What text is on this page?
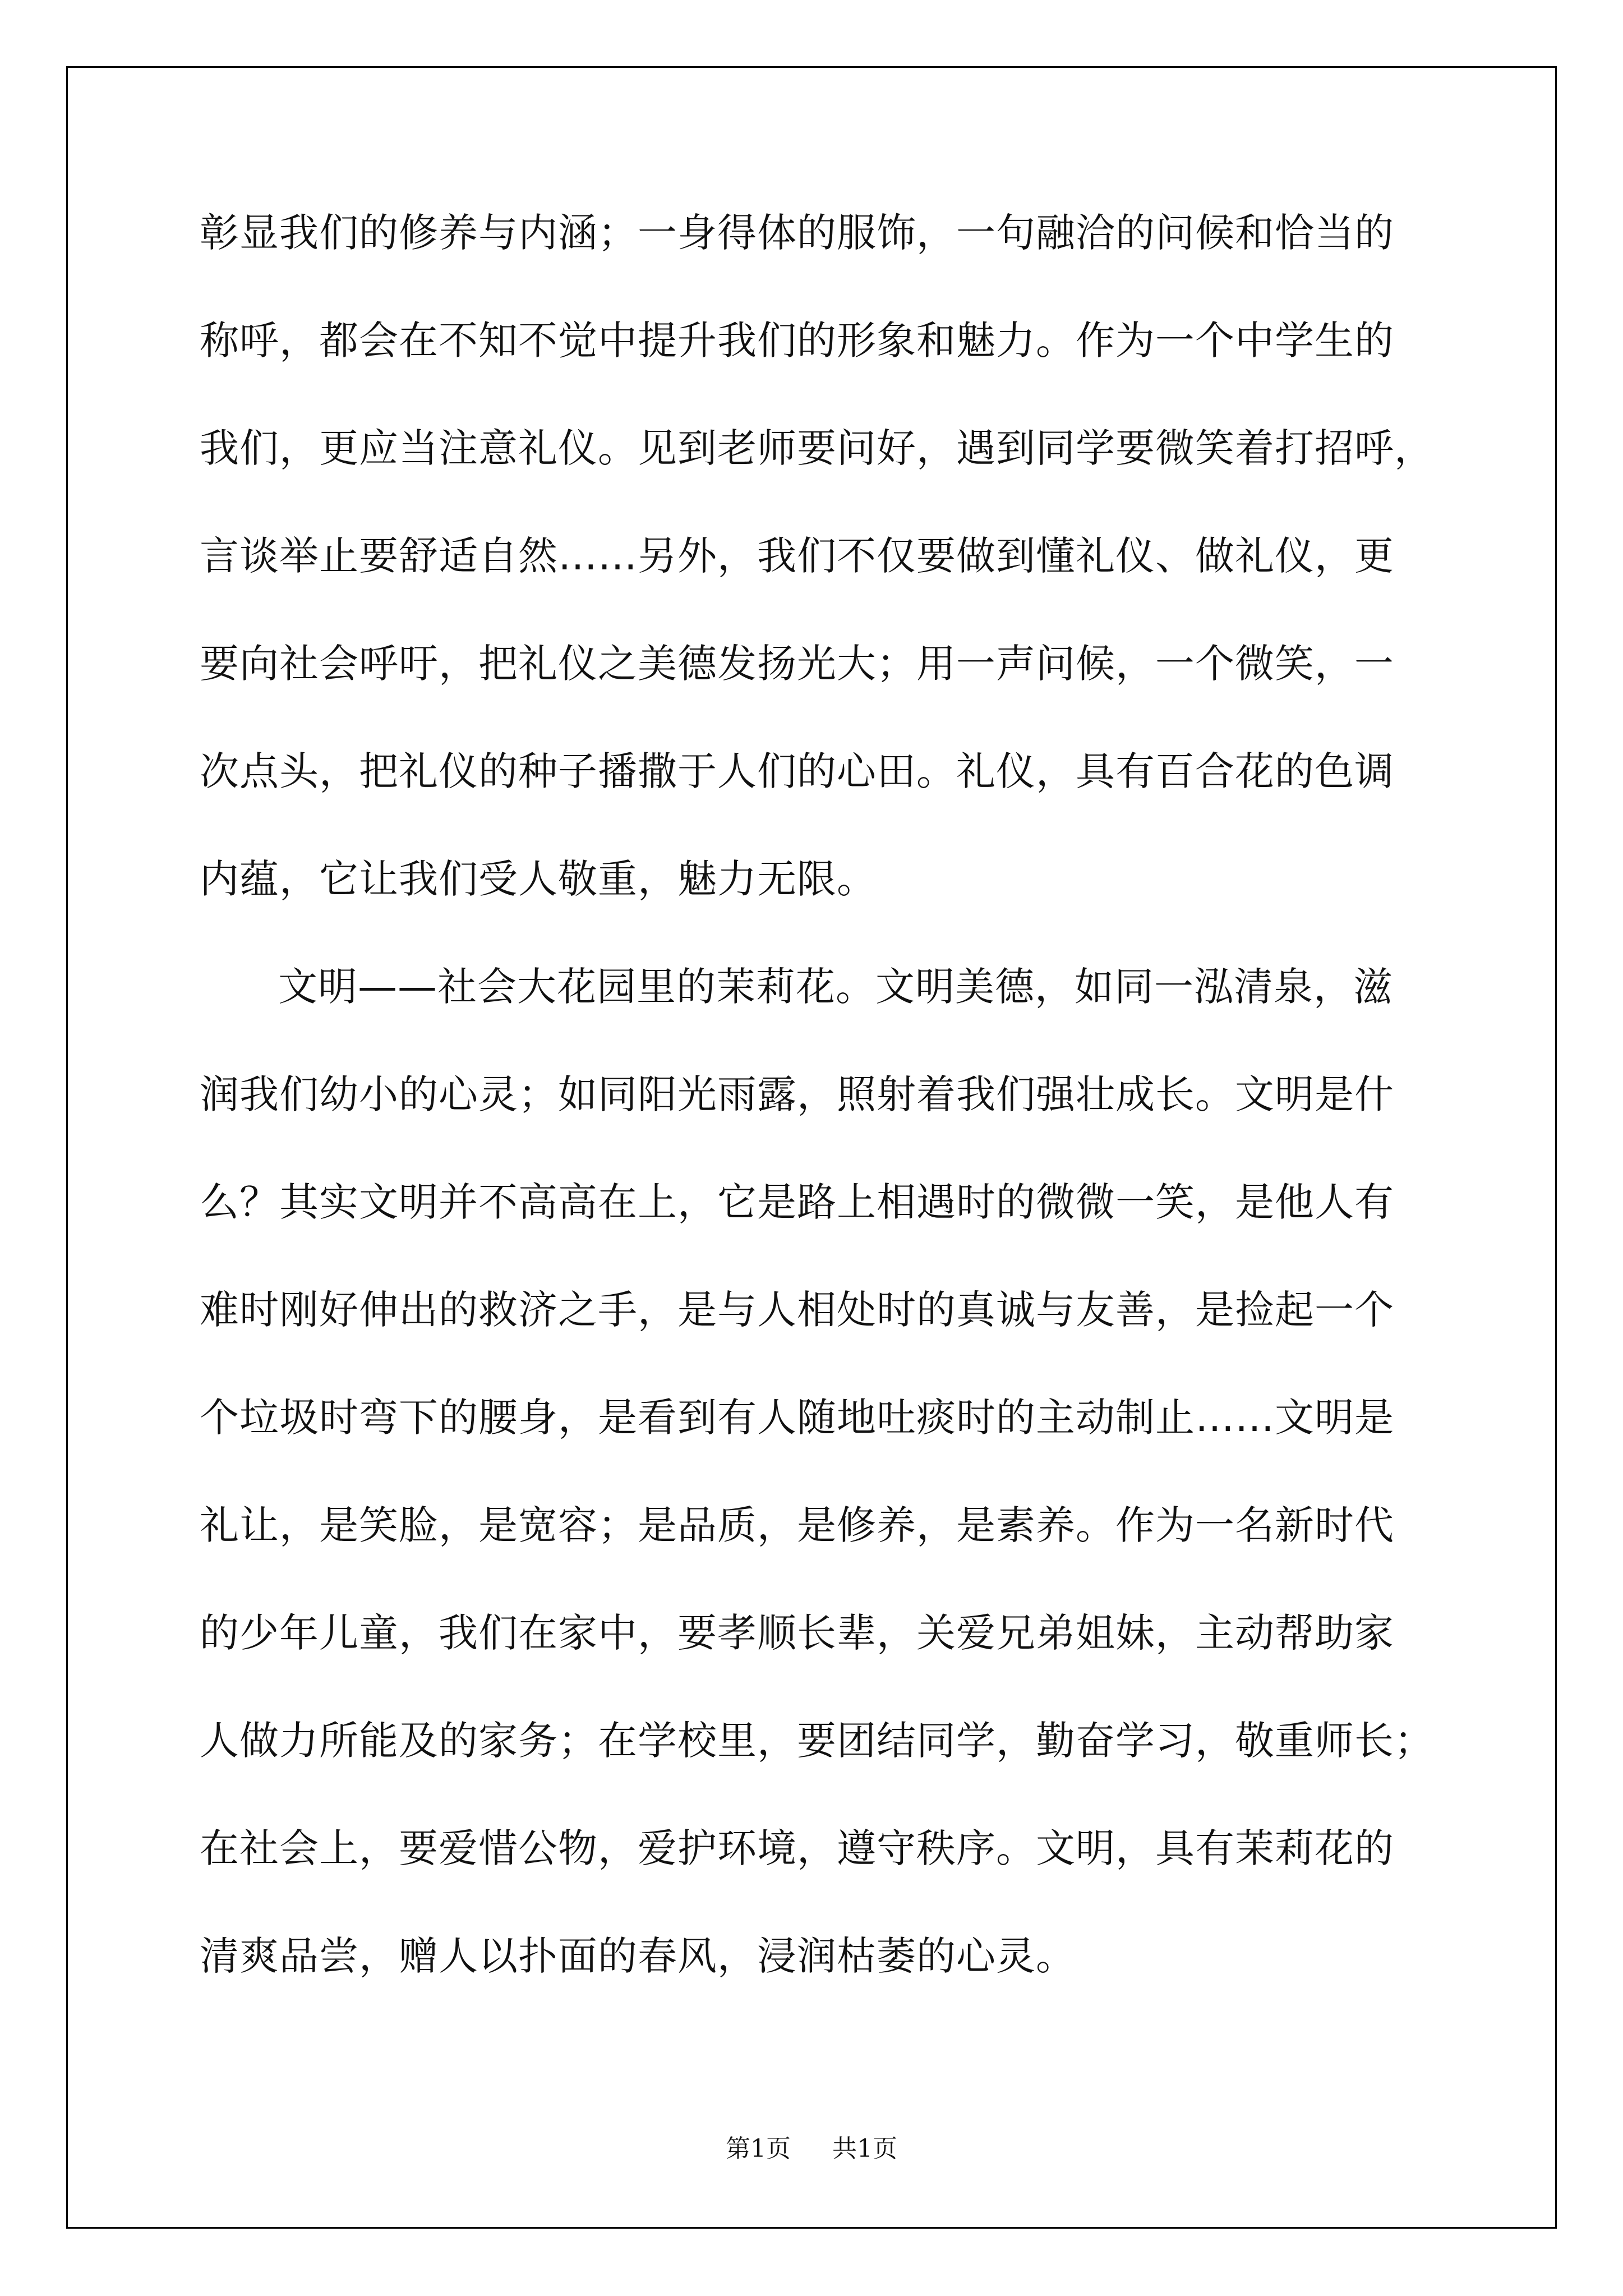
彰显我们的修养与内涵；一身得体的服饰，一句融洽的问候和恰当的
称呼，都会在不知不觉中提升我们的形象和魅力。作为一个中学生的
我们，更应当注意礼仪。见到老师要问好，遇到同学要微笑着打招呼，
言谈举止要舒适自然……另外，我们不仅要做到懂礼仪、做礼仪，更
要向社会呼吁，把礼仪之美德发扬光大；用一声问候，一个微笑，一
次点头，把礼仪的种子播撒于人们的心田。礼仪，具有百合花的色调
内蕴，它让我们受人敬重，魅力无限。
文明——社会大花园里的茉莉花。文明美德，如同一泓清泉，滋
润我们幼小的心灵；如同阳光雨露，照射着我们强壮成长。文明是什
么？其实文明并不高高在上，它是路上相遇时的微微一笑，是他人有
难时刚好伸出的救济之手，是与人相处时的真诚与友善，是捡起一个
个垃圾时弯下的腰身，是看到有人随地吐痰时的主动制止……文明是
礼让，是笑脸，是宽容；是品质，是修养，是素养。作为一名新时代
的少年儿童，我们在家中，要孝顺长辈，关爱兄弟姐妹，主动帮助家
人做力所能及的家务；在学校里，要团结同学，勤奋学习，敬重师长；
在社会上，要爱惜公物，爱护环境，遵守秩序。文明，具有茉莉花的
清爽品尝，赠人以扑面的春风，浸润枯萎的心灵。
第1页 共1页
